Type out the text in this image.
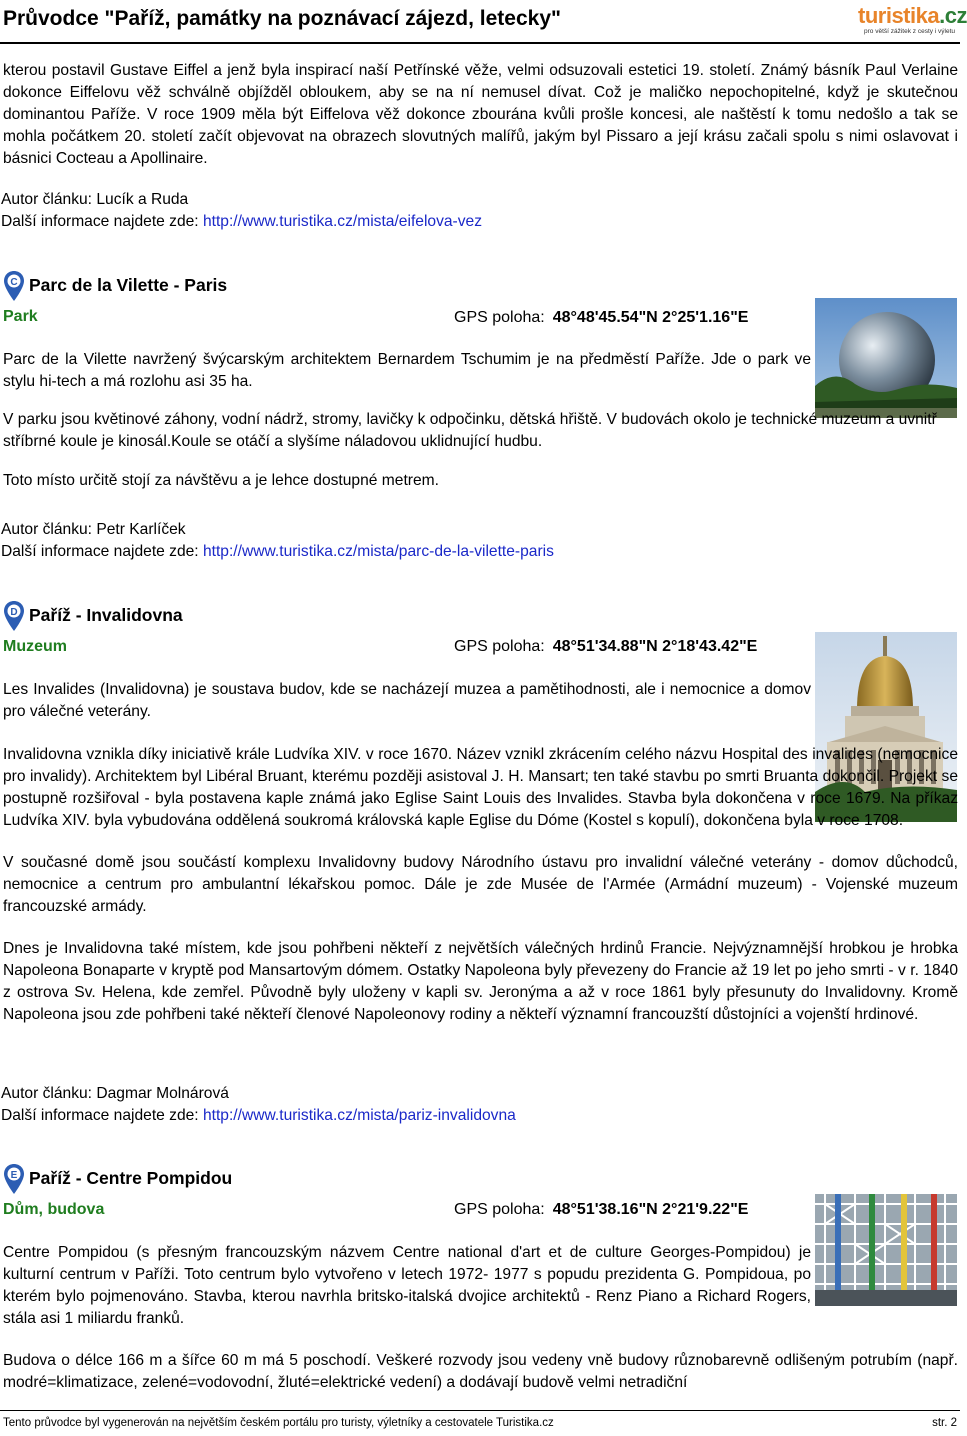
Průvodce "Paříž, památky na poznávací zájezd, letecky"	turistika.cz
pro větší zážitek z cesty i výletu

kterou postavil Gustave Eiffel a jenž byla inspirací naší Petřínské věže, velmi odsuzovali estetici 19. století. Známý básník Paul Verlaine dokonce Eiffelovu věž schválně objížděl obloukem, aby se na ní nemusel dívat. Což je maličko nepochopitelné, když je skutečnou dominantou Paříže. V roce 1909 měla být Eiffelova věž dokonce zbourána kvůli prošle koncesi, ale naštěstí k tomu nedošlo a tak se mohla počátkem 20. století začít objevovat na obrazech slovutných malířů, jakým byl Pissaro a její krásu začali spolu s nimi oslavovat i básnici Cocteau a Apollinaire.

Autor článku: Lucík a Ruda
Další informace najdete zde: http://www.turistika.cz/mista/eifelova-vez
C Parc de la Vilette - Paris
Park	GPS poloha: 48°48'45.54"N 2°25'1.16"E

Parc de la Vilette navržený švýcarským architektem Bernardem Tschumim je na předměstí Paříže. Jde o park ve stylu hi-tech a má rozlohu asi 35 ha.

V parku jsou květinové záhony, vodní nádrž, stromy, lavičky k odpočinku, dětská hřiště. V budovách okolo je technické muzeum a uvnitř stříbrné koule je kinosál.Koule se otáčí a slyšíme náladovou uklidnující hudbu.

Toto místo určitě stojí za návštěvu a je lehce dostupné metrem.

Autor článku: Petr Karlíček
Další informace najdete zde: http://www.turistika.cz/mista/parc-de-la-vilette-paris
D Paříž - Invalidovna
Muzeum	GPS poloha: 48°51'34.88"N 2°18'43.42"E

Les Invalides (Invalidovna) je soustava budov, kde se nacházejí muzea a pamětihodnosti, ale i nemocnice a domov pro válečné veterány.

Invalidovna vznikla díky iniciativě krále Ludvíka XIV. v roce 1670. Název vznikl zkrácením celého názvu Hospital des invalides (nemocnice pro invalidy). Architektem byl Libéral Bruant, kterému později asistoval J. H. Mansart; ten také stavbu po smrti Bruanta dokončil. Projekt se postupně rozšiřoval - byla postavena kaple známá jako Eglise Saint Louis des Invalides. Stavba byla dokončena v roce 1679. Na příkaz Ludvíka XIV. byla vybudována oddělená soukromá královská kaple Eglise du Dóme (Kostel s kopulí), dokončena byla v roce 1708.

V současné domě jsou součástí komplexu Invalidovny budovy Národního ústavu pro invalidní válečné veterány - domov důchodců, nemocnice a centrum pro ambulantní lékařskou pomoc. Dále je zde Musée de l'Armée (Armádní muzeum) - Vojenské muzeum francouzské armády.

Dnes je Invalidovna také místem, kde jsou pohřbeni někteří z největších válečných hrdinů Francie. Nejvýznamnější hrobkou je hrobka Napoleona Bonaparte v kryptě pod Mansartovým dómem. Ostatky Napoleona byly převezeny do Francie až 19 let po jeho smrti - v r. 1840 z ostrova Sv. Helena, kde zemřel. Původně byly uloženy v kapli sv. Jeronýma a až v roce 1861 byly přesunuty do Invalidovny. Kromě Napoleona jsou zde pohřbeni také někteří členové Napoleonovy rodiny a někteří významní francouzští důstojníci a vojenští hrdinové.

Autor článku: Dagmar Molnárová
Další informace najdete zde: http://www.turistika.cz/mista/pariz-invalidovna
E Paříž - Centre Pompidou
Dům, budova	GPS poloha: 48°51'38.16"N 2°21'9.22"E

Centre Pompidou (s přesným francouzským názvem Centre national d'art et de culture Georges-Pompidou) je kulturní centrum v Paříži. Toto centrum bylo vytvořeno v letech 1972- 1977 s popudu prezidenta G. Pompidoua, po kterém bylo pojmenováno. Stavba, kterou navrhla britsko-italská dvojice architektů - Renz Piano a Richard Rogers, stála asi 1 miliardu franků.

Budova o délce 166 m a šířce 60 m má 5 poschodí. Veškeré rozvody jsou vedeny vně budovy různobarevně odlišeným potrubím (např. modré=klimatizace, zelené=vodovodní, žluté=elektrické vedení) a dodávají budově velmi netradiční

Tento průvodce byl vygenerován na největším českém portálu pro turisty, výletníky a cestovatele Turistika.cz	str. 2
